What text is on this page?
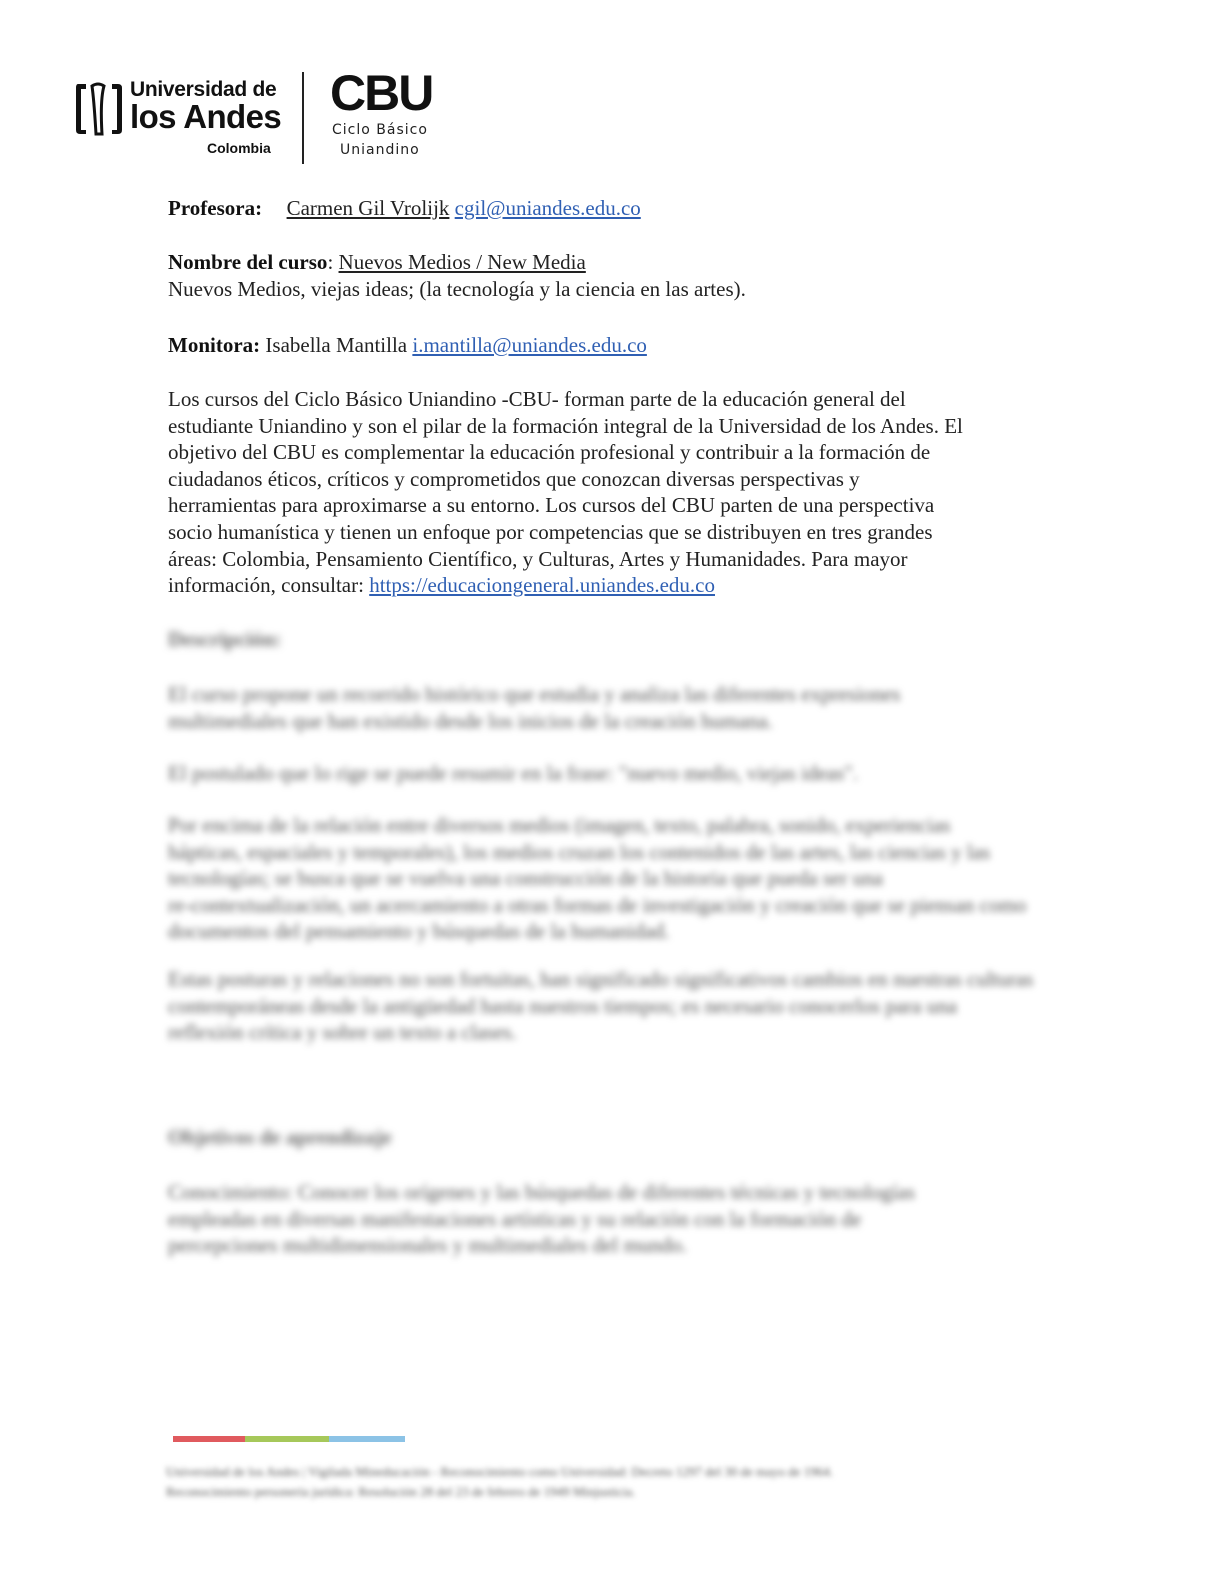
Universidad de
los Andes
Colombia
CBU
Ciclo Básico
Uniandino
Profesora: Carmen Gil Vrolijk cgil@uniandes.edu.co
Nombre del curso: Nuevos Medios / New Media
Nuevos Medios, viejas ideas; (la tecnología y la ciencia en las artes).
Monitora: Isabella Mantilla i.mantilla@uniandes.edu.co
Los cursos del Ciclo Básico Uniandino -CBU- forman parte de la educación general del
estudiante Uniandino y son el pilar de la formación integral de la Universidad de los Andes. El
objetivo del CBU es complementar la educación profesional y contribuir a la formación de
ciudadanos éticos, críticos y comprometidos que conozcan diversas perspectivas y
herramientas para aproximarse a su entorno. Los cursos del CBU parten de una perspectiva
socio humanística y tienen un enfoque por competencias que se distribuyen en tres grandes
áreas: Colombia, Pensamiento Científico, y Culturas, Artes y Humanidades. Para mayor
información, consultar: https://educaciongeneral.uniandes.edu.co
Descripción:
El curso propone un recorrido histórico que estudia y analiza las diferentes expresiones
multimediales que han existido desde los inicios de la creación humana.
El postulado que lo rige se puede resumir en la frase: "nuevo medio, viejas ideas".
Por encima de la relación entre diversos medios (imagen, texto, palabra, sonido, experiencias
hápticas, espaciales y temporales), los medios cruzan los contenidos de las artes, las ciencias y las
tecnologías; se busca que se vuelva una construcción de la historia que pueda ser una
re-contextualización, un acercamiento a otras formas de investigación y creación que se piensan como
documentos del pensamiento y búsquedas de la humanidad.
Estas posturas y relaciones no son fortuitas, han significado significativos cambios en nuestras culturas
contemporáneas desde la antigüedad hasta nuestros tiempos; es necesario conocerlos para una
reflexión crítica y sobre un texto a clases.
Objetivos de aprendizaje
Conocimiento: Conocer los orígenes y las búsquedas de diferentes técnicas y tecnologías
empleadas en diversas manifestaciones artísticas y su relación con la formación de
percepciones multidimensionales y multimediales del mundo.
Universidad de los Andes | Vigilada Mineducación - Reconocimiento como Universidad: Decreto 1297 del 30 de mayo de 1964.
Reconocimiento personería jurídica: Resolución 28 del 23 de febrero de 1949 Minjusticia.
